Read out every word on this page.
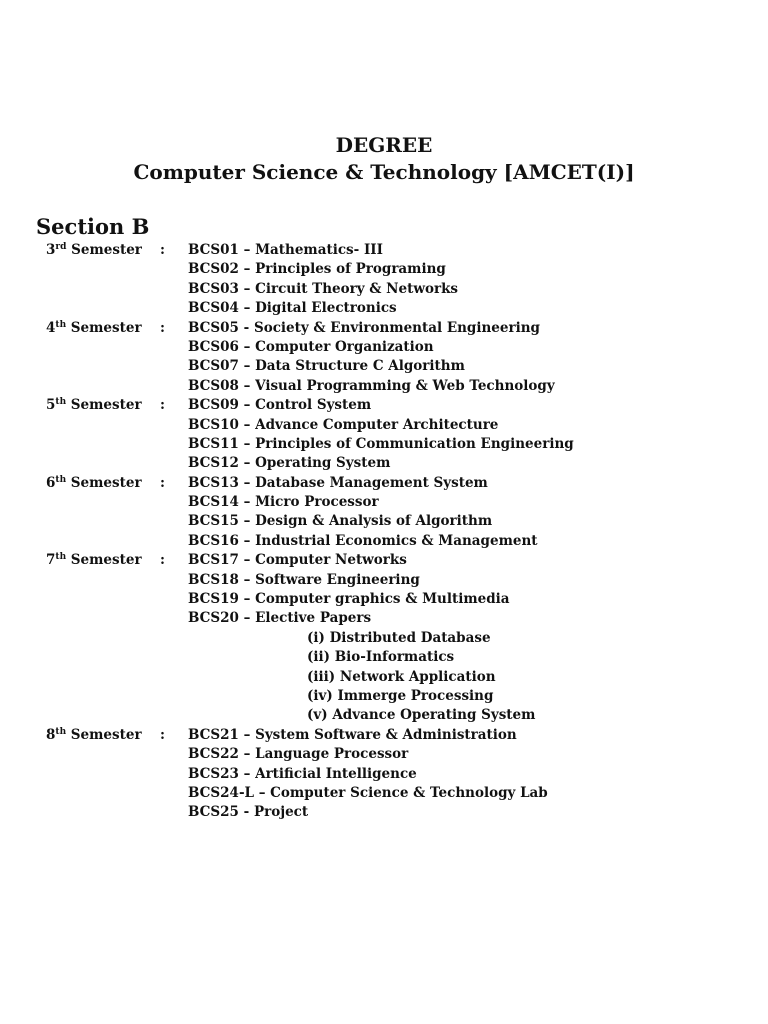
DEGREE
Computer Science & Technology [AMCET(I)]
Section B
3rd Semester : BCS01 – Mathematics- III
BCS02 – Principles of Programing
BCS03 – Circuit Theory & Networks
BCS04 – Digital Electronics
4th Semester : BCS05 - Society & Environmental Engineering
BCS06 – Computer Organization
BCS07 – Data Structure C Algorithm
BCS08 – Visual Programming & Web Technology
5th Semester : BCS09 – Control System
BCS10 – Advance Computer Architecture
BCS11 – Principles of Communication Engineering
BCS12 – Operating System
6th Semester : BCS13 – Database Management System
BCS14 – Micro Processor
BCS15 – Design & Analysis of Algorithm
BCS16 – Industrial Economics & Management
7th Semester : BCS17 – Computer Networks
BCS18 – Software Engineering
BCS19 – Computer graphics & Multimedia
BCS20 – Elective Papers
(i) Distributed Database
(ii) Bio-Informatics
(iii) Network Application
(iv) Immerge Processing
(v) Advance Operating System
8th Semester : BCS21 – System Software & Administration
BCS22 – Language Processor
BCS23 – Artificial Intelligence
BCS24-L – Computer Science & Technology Lab
BCS25 - Project
